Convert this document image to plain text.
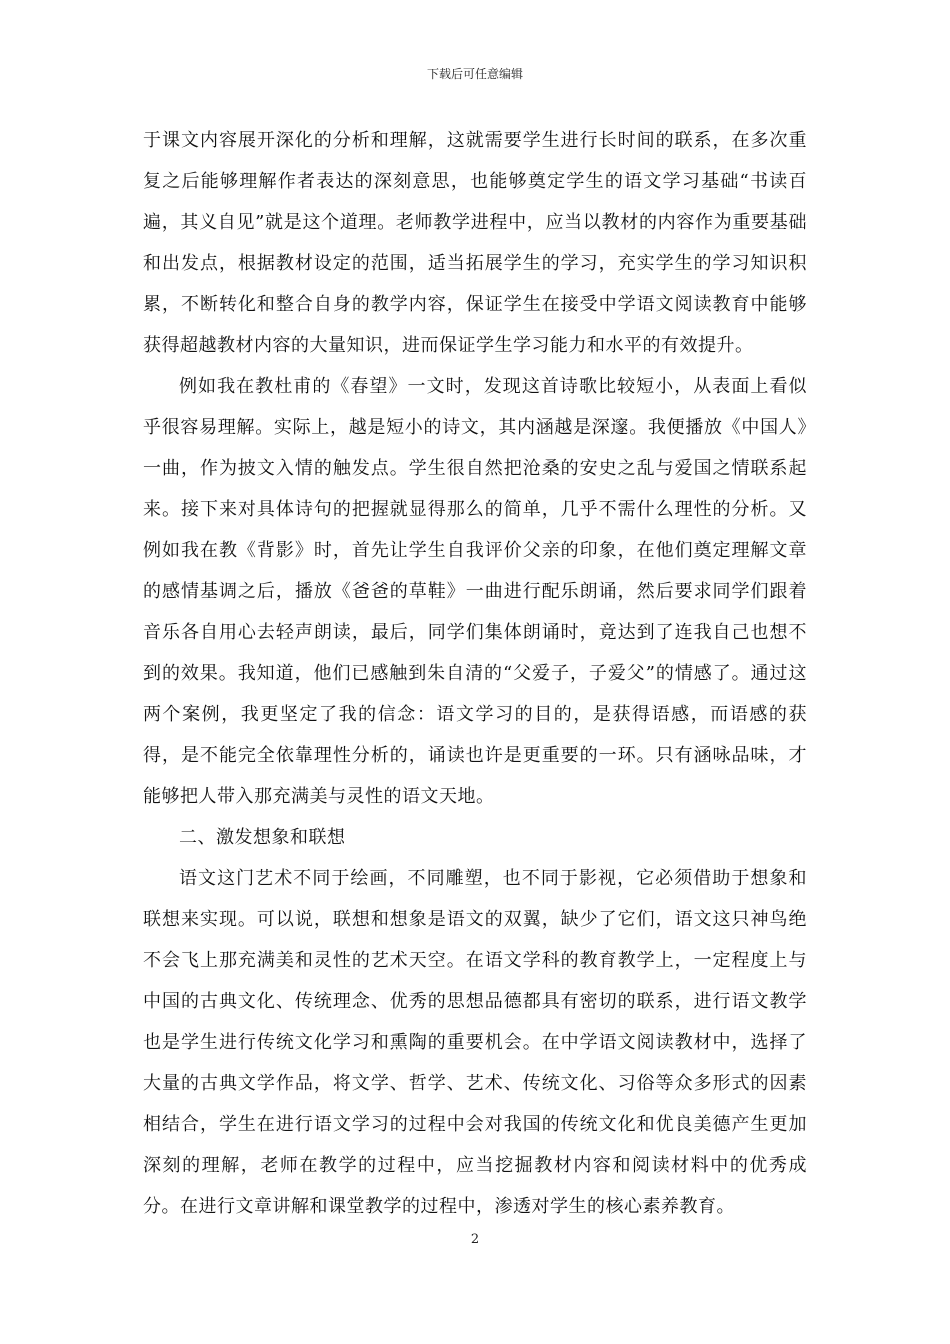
下载后可任意编辑

于课文内容展开深化的分析和理解，这就需要学生进行长时间的联系，在多次重复之后能够理解作者表达的深刻意思，也能够奠定学生的语文学习基础“书读百遍，其义自见”就是这个道理。老师教学进程中，应当以教材的内容作为重要基础和出发点，根据教材设定的范围，适当拓展学生的学习，充实学生的学习知识积累，不断转化和整合自身的教学内容，保证学生在接受中学语文阅读教育中能够获得超越教材内容的大量知识，进而保证学生学习能力和水平的有效提升。

例如我在教杜甫的《春望》一文时，发现这首诗歌比较短小，从表面上看似乎很容易理解。实际上，越是短小的诗文，其内涵越是深邃。我便播放《中国人》一曲，作为披文入情的触发点。学生很自然把沧桑的安史之乱与爱国之情联系起来。接下来对具体诗句的把握就显得那么的简单，几乎不需什么理性的分析。又例如我在教《背影》时，首先让学生自我评价父亲的印象，在他们奠定理解文章的感情基调之后，播放《爸爸的草鞋》一曲进行配乐朗诵，然后要求同学们跟着音乐各自用心去轻声朗读，最后，同学们集体朗诵时，竟达到了连我自己也想不到的效果。我知道，他们已感触到朱自清的“父爱子，子爱父”的情感了。通过这两个案例，我更坚定了我的信念：语文学习的目的，是获得语感，而语感的获得，是不能完全依靠理性分析的，诵读也许是更重要的一环。只有涵咏品味，才能够把人带入那充满美与灵性的语文天地。

二、激发想象和联想

语文这门艺术不同于绘画，不同雕塑，也不同于影视，它必须借助于想象和联想来实现。可以说，联想和想象是语文的双翼，缺少了它们，语文这只神鸟绝不会飞上那充满美和灵性的艺术天空。在语文学科的教育教学上，一定程度上与中国的古典文化、传统理念、优秀的思想品德都具有密切的联系，进行语文教学也是学生进行传统文化学习和熏陶的重要机会。在中学语文阅读教材中，选择了大量的古典文学作品，将文学、哲学、艺术、传统文化、习俗等众多形式的因素相结合，学生在进行语文学习的过程中会对我国的传统文化和优良美德产生更加深刻的理解，老师在教学的过程中，应当挖掘教材内容和阅读材料中的优秀成分。在进行文章讲解和课堂教学的过程中，渗透对学生的核心素养教育。

2
